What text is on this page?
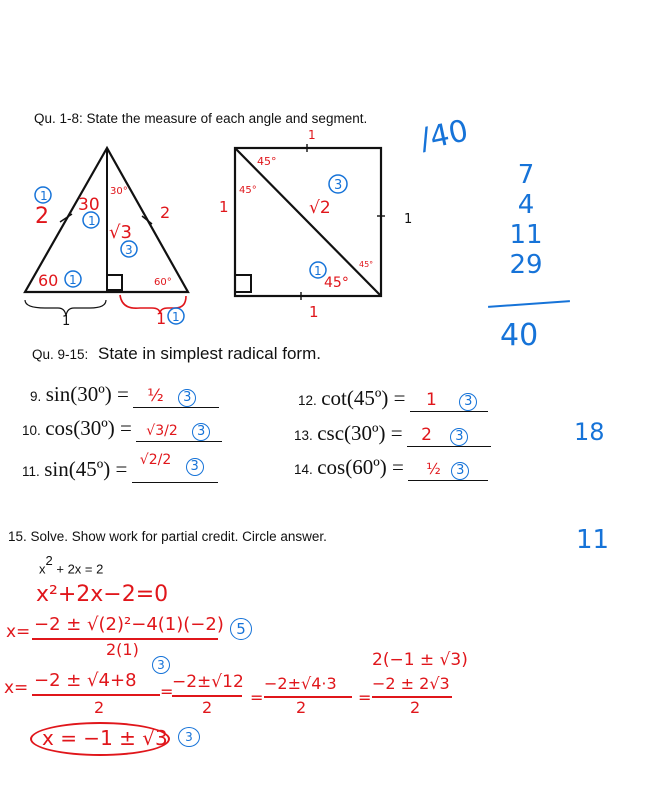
Qu. 1-8: State the measure of each angle and segment.
30
30°
2
1
1	2
√3
3
60 1	60°
1	1 1
1
45°
45°	3
√2
1
1
45°
45°
1
1
/40
7
4
11
29
40
Qu. 9-15: State in simplest radical form.
9. sin(30º) = ½ 3
10. cos(30º) = √3/2 3
11. sin(45º) = √2/2 3
12. cot(45º) = 1 3
13. csc(30º) = 2 3
14. cos(60º) = ½ 3
18
11
15. Solve. Show work for partial credit. Circle answer.
$x^2 + 2x = 2$
x²+2x−2=0
x= −2 ± √(2)²−4(1)(−2)
2(1)
5
3
x= −2 ± √4+8
2
=
−2±√12
2
=
−2±√4·3
2
=
2(−1 ± √3)
−2 ± 2√3
2
x = −1 ± √3	3
